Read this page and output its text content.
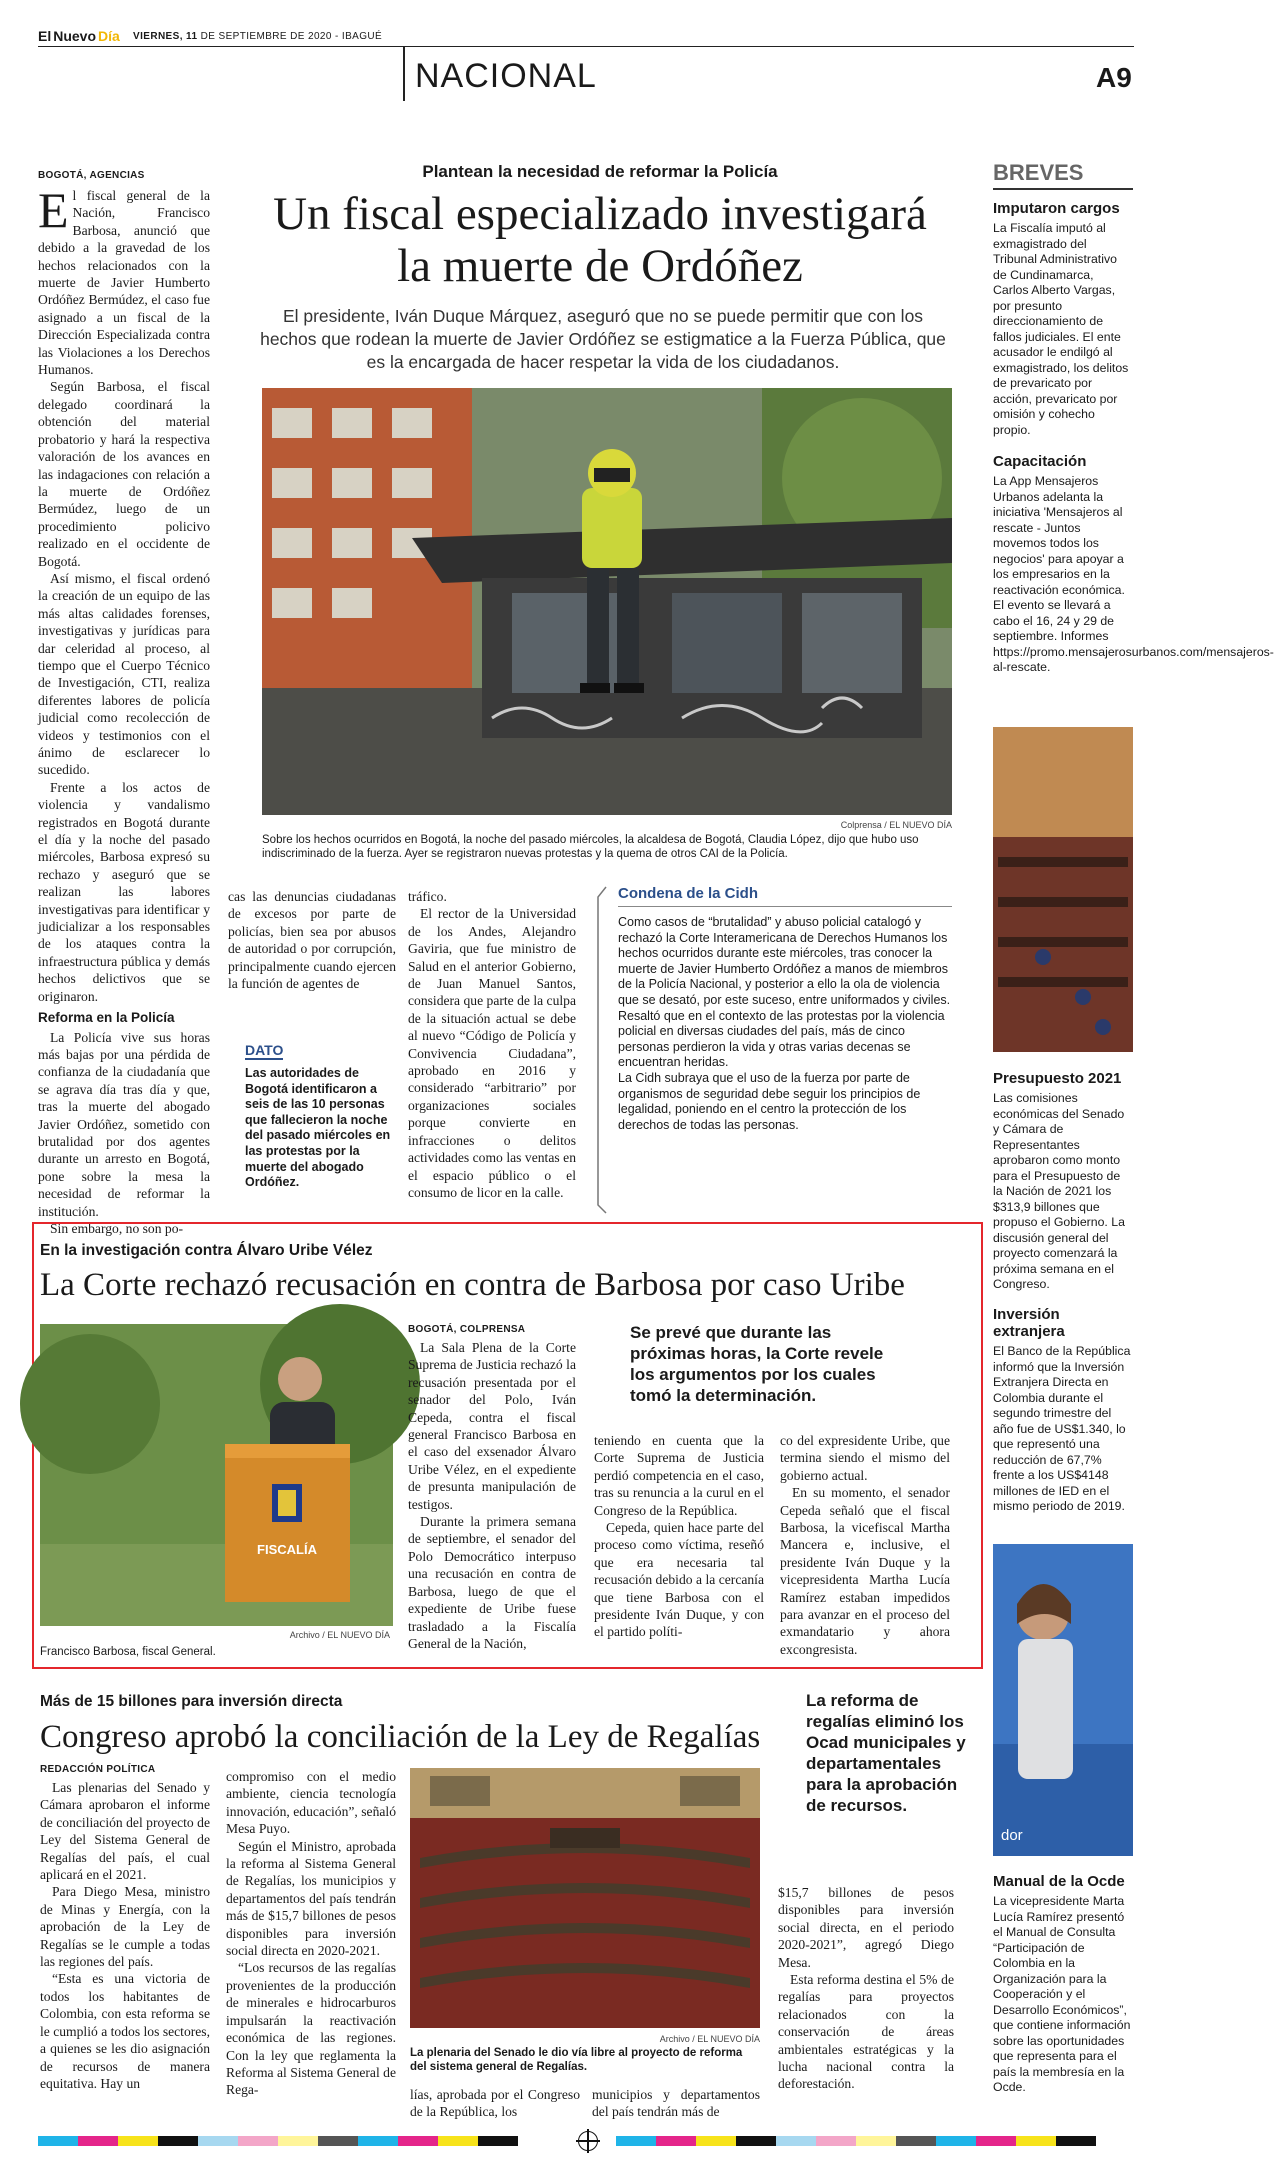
El Nuevo Día VIERNES, 11 DE SEPTIEMBRE DE 2020 - IBAGUÉ
NACIONAL	A9
BOGOTÁ, AGENCIAS

El fiscal general de la Nación, Francisco Barbosa, anunció que debido a la gravedad de los hechos relacionados con la muerte de Javier Humberto Ordóñez Bermúdez, el caso fue asignado a un fiscal de la Dirección Especializada contra las Violaciones a los Derechos Humanos.

Según Barbosa, el fiscal delegado coordinará la obtención del material probatorio y hará la respectiva valoración de los avances en las indagaciones con relación a la muerte de Ordóñez Bermúdez, luego de un procedimiento policivo realizado en el occidente de Bogotá.

Así mismo, el fiscal ordenó la creación de un equipo de las más altas calidades forenses, investigativas y jurídicas para dar celeridad al proceso, al tiempo que el Cuerpo Técnico de Investigación, CTI, realiza diferentes labores de policía judicial como recolección de videos y testimonios con el ánimo de esclarecer lo sucedido.

Frente a los actos de violencia y vandalismo registrados en Bogotá durante el día y la noche del pasado miércoles, Barbosa expresó su rechazo y aseguró que se realizan las labores investigativas para identificar y judicializar a los responsables de los ataques contra la infraestructura pública y demás hechos delictivos que se originaron.

Reforma en la Policía

La Policía vive sus horas más bajas por una pérdida de confianza de la ciudadanía que se agrava día tras día y que, tras la muerte del abogado Javier Ordóñez, sometido con brutalidad por dos agentes durante un arresto en Bogotá, pone sobre la mesa la necesidad de reformar la institución.

Sin embargo, no son po-

Plantean la necesidad de reformar la Policía
Un fiscal especializado investigará
la muerte de Ordóñez
El presidente, Iván Duque Márquez, aseguró que no se puede permitir que con los hechos que rodean la muerte de Javier Ordóñez se estigmatice a la Fuerza Pública, que es la encargada de hacer respetar la vida de los ciudadanos.
Colprensa / EL NUEVO DÍA
Sobre los hechos ocurridos en Bogotá, la noche del pasado miércoles, la alcaldesa de Bogotá, Claudia López, dijo que hubo uso indiscriminado de la fuerza. Ayer se registraron nuevas protestas y la quema de otros CAI de la Policía.

cas las denuncias ciudadanas de excesos por parte de policías, bien sea por abusos de autoridad o por corrupción, principalmente cuando ejercen la función de agentes de

DATO
Las autoridades de Bogotá identificaron a seis de las 10 personas que fallecieron la noche del pasado miércoles en las protestas por la muerte del abogado Ordóñez.

tráfico.

El rector de la Universidad de los Andes, Alejandro Gaviria, que fue ministro de Salud en el anterior Gobierno, de Juan Manuel Santos, considera que parte de la culpa de la situación actual se debe al nuevo “Código de Policía y Convivencia Ciudadana”, aprobado en 2016 y considerado “arbitrario” por organizaciones sociales porque convierte en infracciones o delitos actividades como las ventas en el espacio público o el consumo de licor en la calle.

Condena de la Cidh
Como casos de “brutalidad” y abuso policial catalogó y rechazó la Corte Interamericana de Derechos Humanos los hechos ocurridos durante este miércoles, tras conocer la muerte de Javier Humberto Ordóñez a manos de miembros de la Policía Nacional, y posterior a ello la ola de violencia que se desató, por este suceso, entre uniformados y civiles. Resaltó que en el contexto de las protestas por la violencia policial en diversas ciudades del país, más de cinco personas perdieron la vida y otras varias decenas se encuentran heridas.
La Cidh subraya que el uso de la fuerza por parte de organismos de seguridad debe seguir los principios de legalidad, poniendo en el centro la protección de los derechos de todas las personas.
En la investigación contra Álvaro Uribe Vélez
La Corte rechazó recusación en contra de Barbosa por caso Uribe
FISCALÍA
Archivo / EL NUEVO DÍA
Francisco Barbosa, fiscal General.
BOGOTÁ, COLPRENSA

La Sala Plena de la Corte Suprema de Justicia rechazó la recusación presentada por el senador del Polo, Iván Cepeda, contra el fiscal general Francisco Barbosa en el caso del exsenador Álvaro Uribe Vélez, en el expediente de presunta manipulación de testigos.

Durante la primera semana de septiembre, el senador del Polo Democrático interpuso una recusación en contra de Barbosa, luego de que el expediente de Uribe fuese trasladado a la Fiscalía General de la Nación,

Se prevé que durante las próximas horas, la Corte revele los argumentos por los cuales tomó la determinación.

teniendo en cuenta que la Corte Suprema de Justicia perdió competencia en el caso, tras su renuncia a la curul en el Congreso de la República.

Cepeda, quien hace parte del proceso como víctima, reseñó que era necesaria tal recusación debido a la cercanía que tiene Barbosa con el presidente Iván Duque, y con el partido políti-

co del expresidente Uribe, que termina siendo el mismo del gobierno actual.

En su momento, el senador Cepeda señaló que el fiscal Barbosa, la vicefiscal Martha Mancera e, inclusive, el presidente Iván Duque y la vicepresidenta Martha Lucía Ramírez estaban impedidos para avanzar en el proceso del exmandatario y ahora excongresista.

Más de 15 billones para inversión directa
Congreso aprobó la conciliación de la Ley de Regalías
REDACCIÓN POLÍTICA

Las plenarias del Senado y Cámara aprobaron el informe de conciliación del proyecto de Ley del Sistema General de Regalías del país, el cual aplicará en el 2021.

Para Diego Mesa, ministro de Minas y Energía, con la aprobación de la Ley de Regalías se le cumple a todas las regiones del país.

“Esta es una victoria de todos los habitantes de Colombia, con esta reforma se le cumplió a todos los sectores, a quienes se les dio asignación de recursos de manera equitativa. Hay un

compromiso con el medio ambiente, ciencia tecnología innovación, educación”, señaló Mesa Puyo.

Según el Ministro, aprobada la reforma al Sistema General de Regalías, los municipios y departamentos del país tendrán más de $15,7 billones de pesos disponibles para inversión social directa en 2020-2021.

“Los recursos de las regalías provenientes de la producción de minerales e hidrocarburos impulsarán la reactivación económica de las regiones. Con la ley que reglamenta la Reforma al Sistema General de Rega-

Archivo / EL NUEVO DÍA
La plenaria del Senado le dio vía libre al proyecto de reforma del sistema general de Regalías.

lías, aprobada por el Congreso de la República, los

municipios y departamentos del país tendrán más de

La reforma de regalías eliminó los Ocad municipales y departamentales para la aprobación de recursos.

$15,7 billones de pesos disponibles para inversión social directa, en el periodo 2020-2021”, agregó Diego Mesa.

Esta reforma destina el 5% de regalías para proyectos relacionados con la conservación de áreas ambientales estratégicas y la lucha nacional contra la deforestación.

BREVES
Imputaron cargos

La Fiscalía imputó al exmagistrado del Tribunal Administrativo de Cundinamarca, Carlos Alberto Vargas, por presunto direccionamiento de fallos judiciales. El ente acusador le endilgó al exmagistrado, los delitos de prevaricato por acción, prevaricato por omisión y cohecho propio.

Capacitación

La App Mensajeros Urbanos adelanta la iniciativa 'Mensajeros al rescate - Juntos movemos todos los negocios' para apoyar a los empresarios en la reactivación económica. El evento se llevará a cabo el 16, 24 y 29 de septiembre. Informes https://promo.mensajerosurbanos.com/mensajeros-al-rescate.

Presupuesto 2021

Las comisiones económicas del Senado y Cámara de Representantes aprobaron como monto para el Presupuesto de la Nación de 2021 los $313,9 billones que propuso el Gobierno. La discusión general del proyecto comenzará la próxima semana en el Congreso.

Inversión extranjera

El Banco de la República informó que la Inversión Extranjera Directa en Colombia durante el segundo trimestre del año fue de US$1.340, lo que representó una reducción de 67,7% frente a los US$4148 millones de IED en el mismo periodo de 2019.

dor
Manual de la Ocde

La vicepresidente Marta Lucía Ramírez presentó el Manual de Consulta “Participación de Colombia en la Organización para la Cooperación y el Desarrollo Económicos”, que contiene información sobre las oportunidades que representa para el país la membresía en la Ocde.
